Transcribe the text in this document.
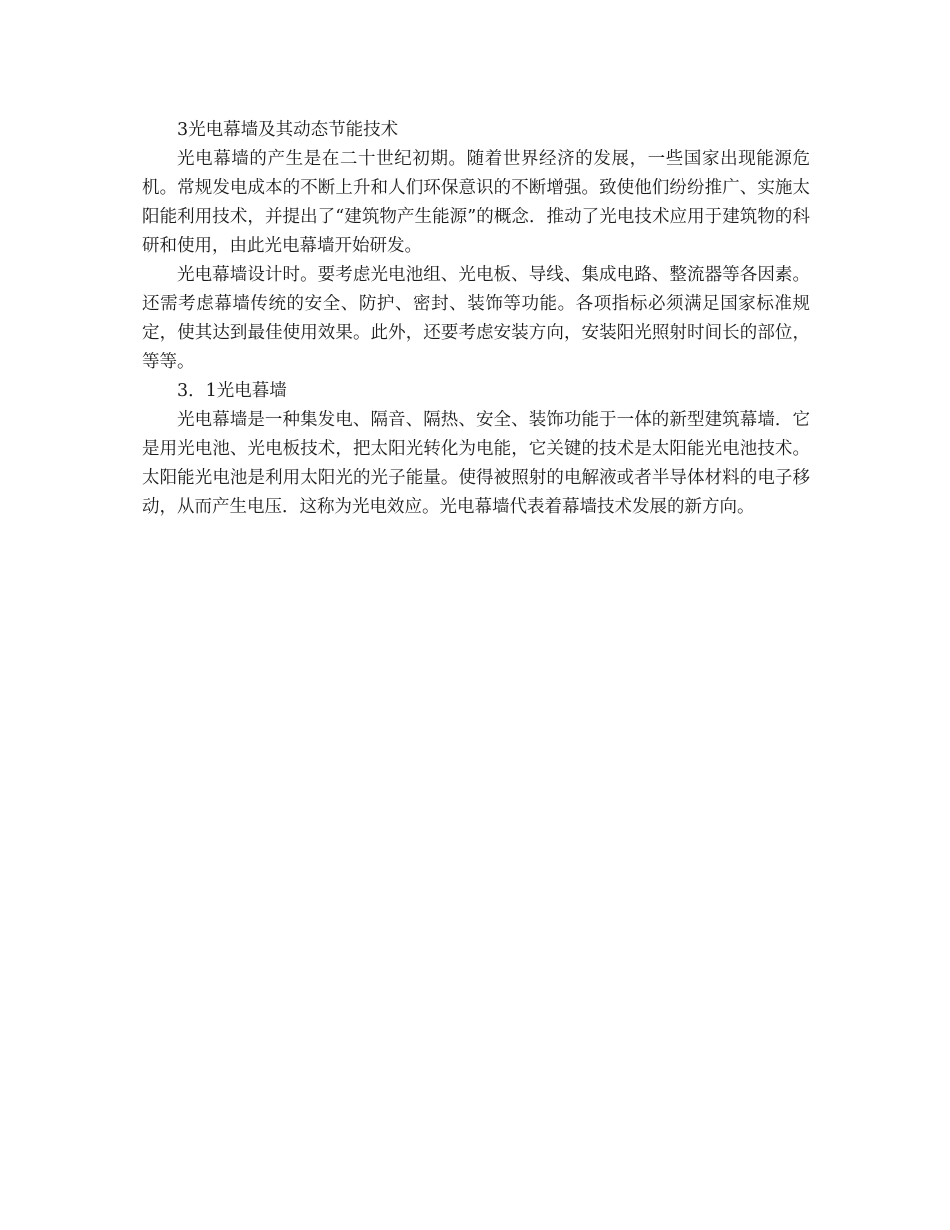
3光电幕墙及其动态节能技术

光电幕墙的产生是在二十世纪初期。随着世界经济的发展，一些国家出现能源危机。常规发电成本的不断上升和人们环保意识的不断增强。致使他们纷纷推广、实施太阳能利用技术，并提出了“建筑物产生能源”的概念．推动了光电技术应用于建筑物的科研和使用，由此光电幕墙开始研发。

光电幕墙设计时。要考虑光电池组、光电板、导线、集成电路、整流器等各因素。还需考虑幕墙传统的安全、防护、密封、装饰等功能。各项指标必须满足国家标准规定，使其达到最佳使用效果。此外，还要考虑安装方向，安装阳光照射时间长的部位，等等。

3．1光电暮墙

光电幕墙是一种集发电、隔音、隔热、安全、装饰功能于一体的新型建筑幕墙．它是用光电池、光电板技术，把太阳光转化为电能，它关键的技术是太阳能光电池技术。太阳能光电池是利用太阳光的光子能量。使得被照射的电解液或者半导体材料的电子移动，从而产生电压．这称为光电效应。光电幕墙代表着幕墙技术发展的新方向。
